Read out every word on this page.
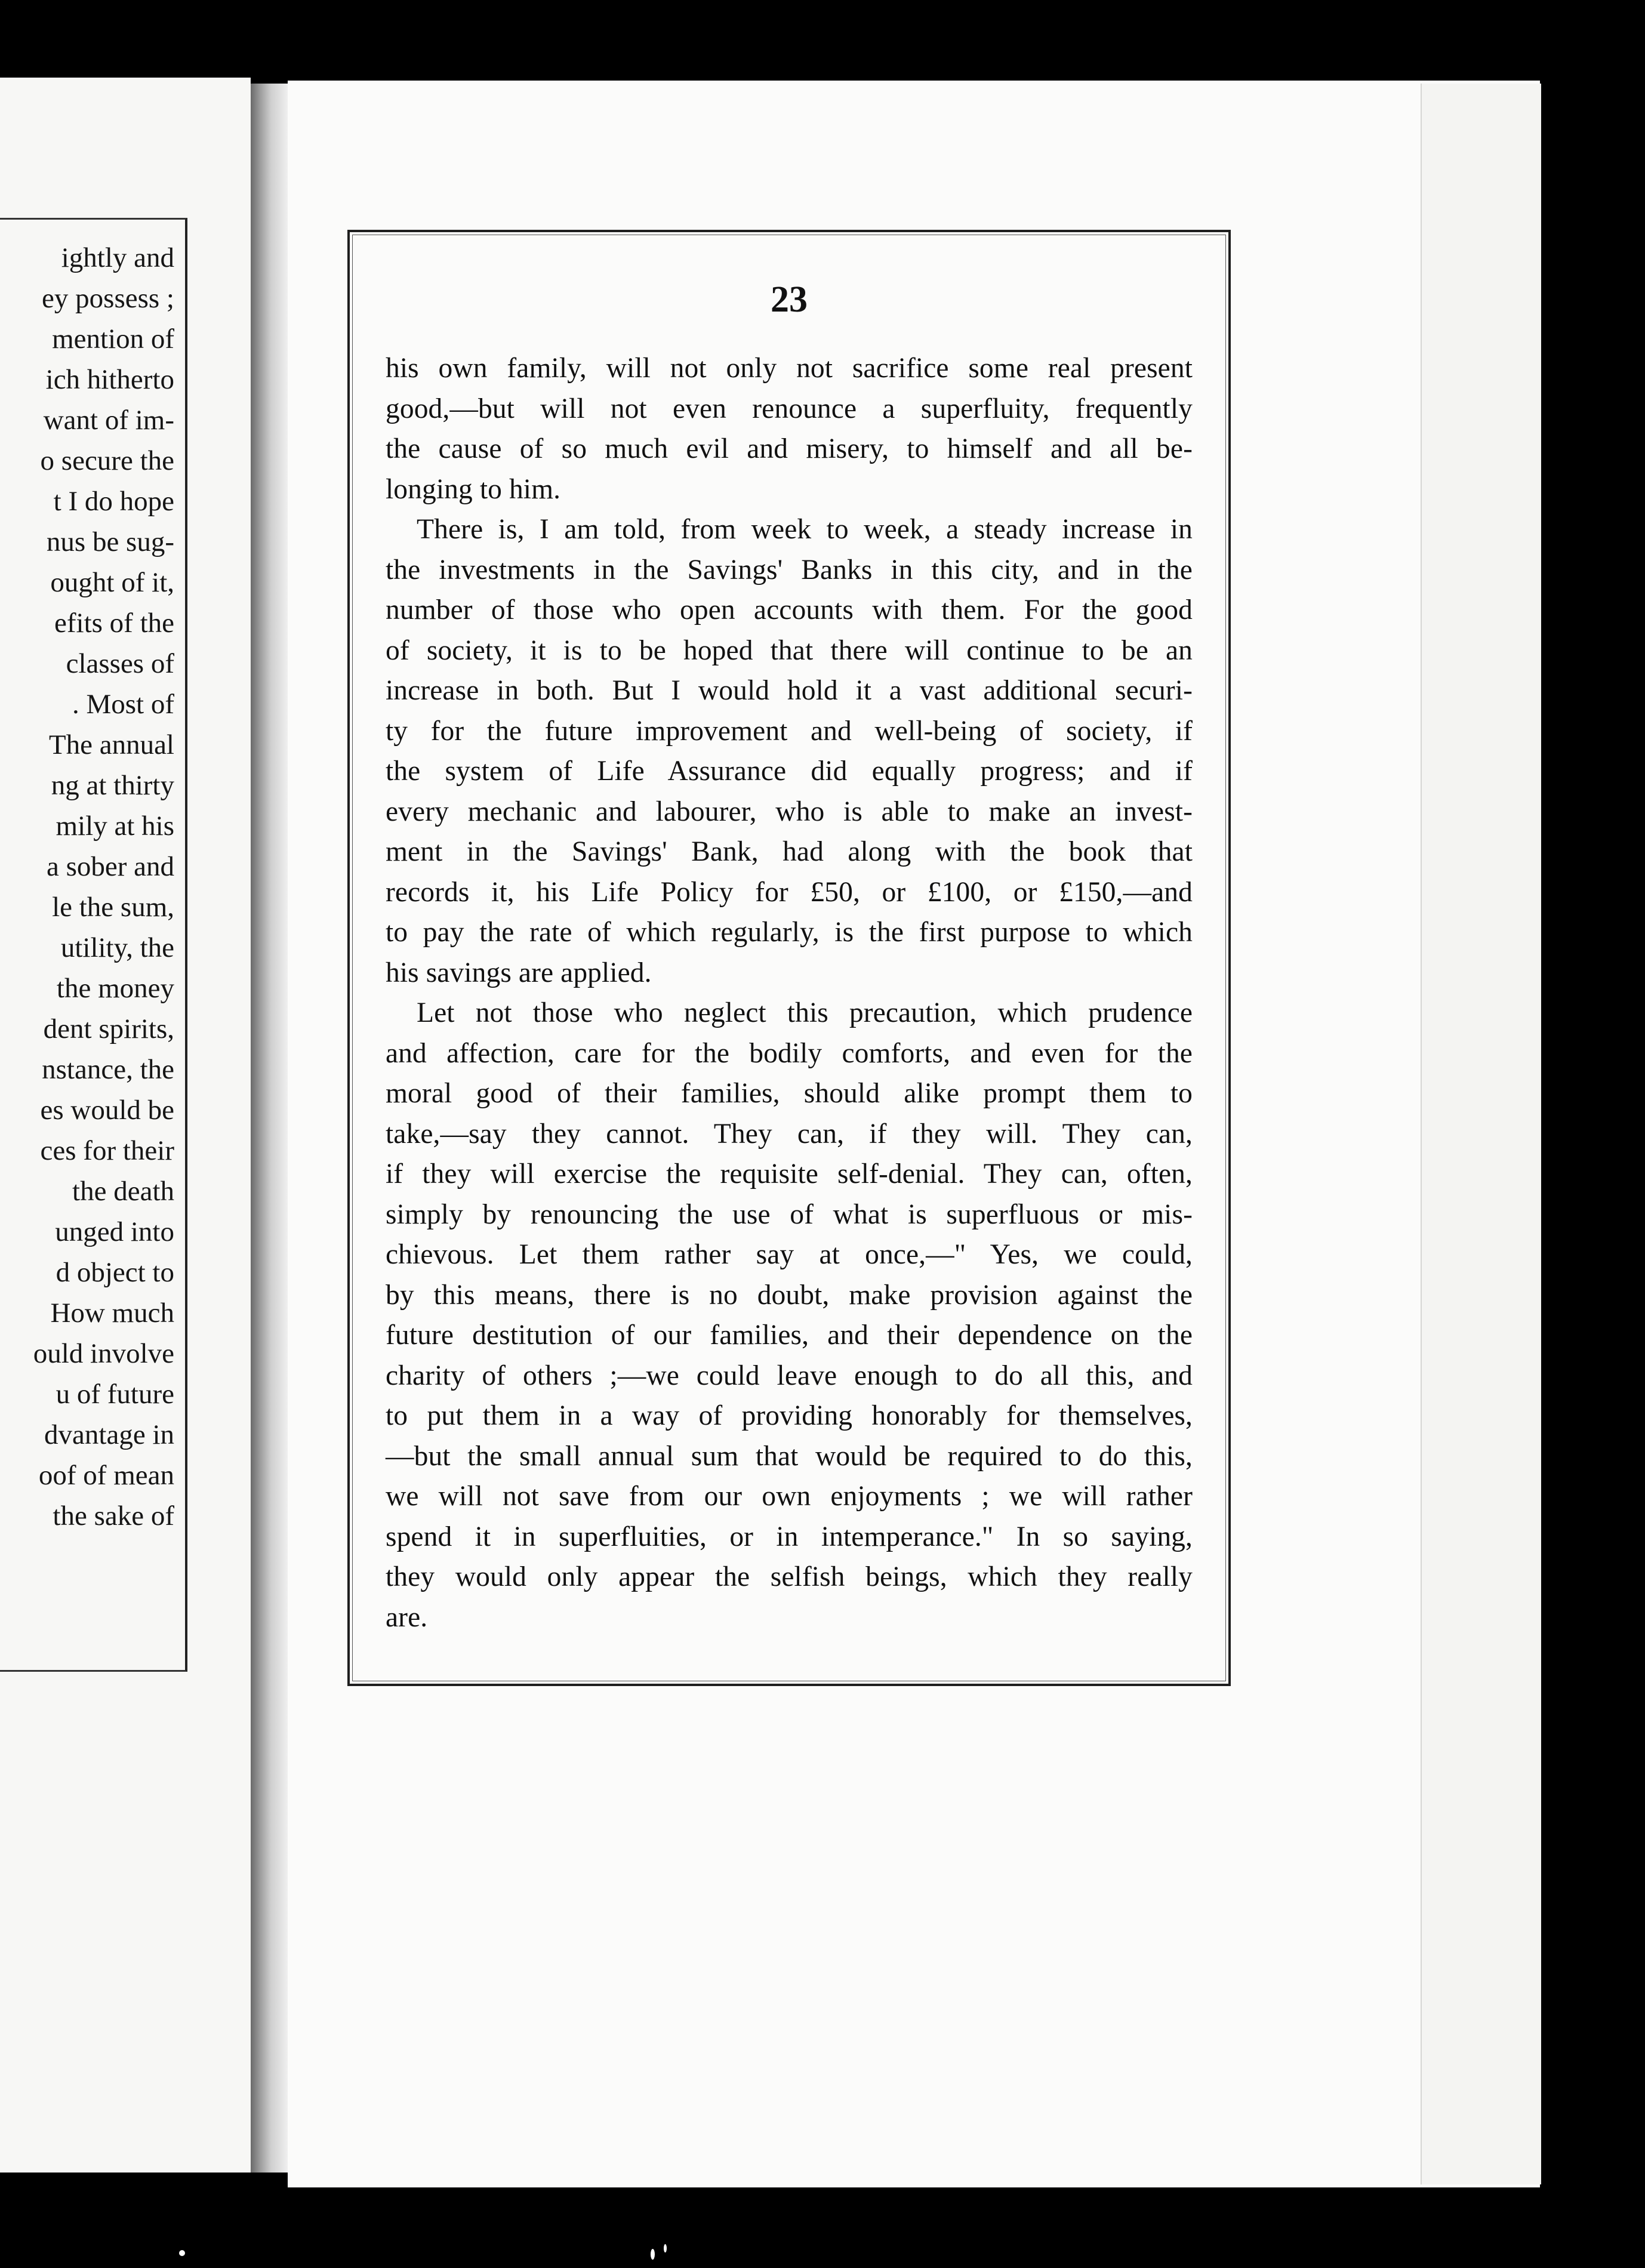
ightly and
ey possess ;
mention of
ich hitherto
want of im-
o secure the
t I do hope
nus be sug-
ought of it,
efits of the
classes of
. Most of
The annual
ng at thirty
mily at his
a sober and
le the sum,
utility, the
the money
dent spirits,
nstance, the
es would be
ces for their
the death
unged into
d object to
How much
ould involve
u of future
dvantage in
oof of mean
the sake of
23
his own family, will not only not sacrifice some real present
good,—but will not even renounce a superfluity, frequently
the cause of so much evil and misery, to himself and all be-
longing to him.
There is, I am told, from week to week, a steady increase in
the investments in the Savings' Banks in this city, and in the
number of those who open accounts with them. For the good
of society, it is to be hoped that there will continue to be an
increase in both. But I would hold it a vast additional securi-
ty for the future improvement and well-being of society, if
the system of Life Assurance did equally progress; and if
every mechanic and labourer, who is able to make an invest-
ment in the Savings' Bank, had along with the book that
records it, his Life Policy for £50, or £100, or £150,—and
to pay the rate of which regularly, is the first purpose to which
his savings are applied.
Let not those who neglect this precaution, which prudence
and affection, care for the bodily comforts, and even for the
moral good of their families, should alike prompt them to
take,—say they cannot. They can, if they will. They can,
if they will exercise the requisite self-denial. They can, often,
simply by renouncing the use of what is superfluous or mis-
chievous. Let them rather say at once,—" Yes, we could,
by this means, there is no doubt, make provision against the
future destitution of our families, and their dependence on the
charity of others ;—we could leave enough to do all this, and
to put them in a way of providing honorably for themselves,
—but the small annual sum that would be required to do this,
we will not save from our own enjoyments ; we will rather
spend it in superfluities, or in intemperance." In so saying,
they would only appear the selfish beings, which they really
are.
